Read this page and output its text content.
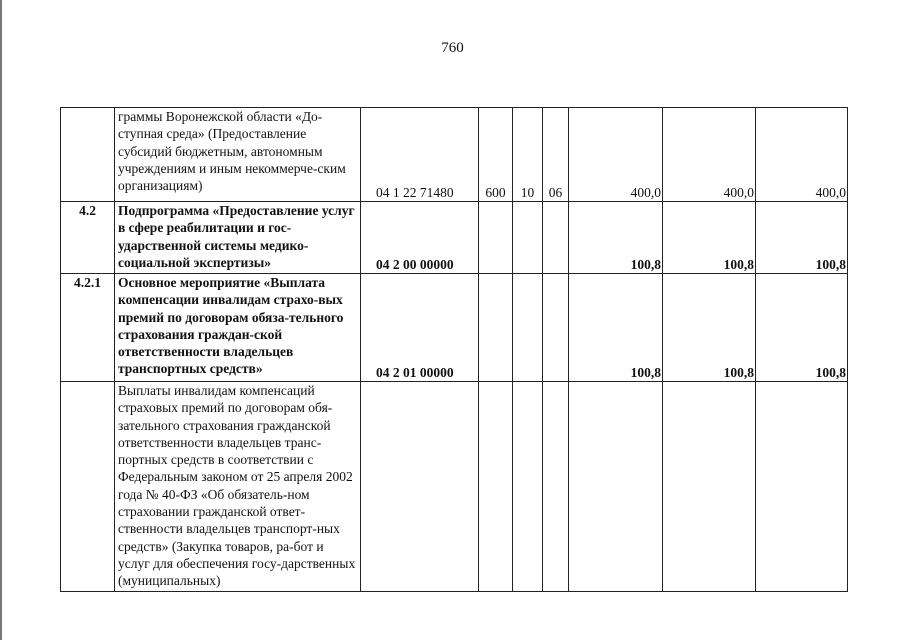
760
	граммы Воронежской области «До-ступная среда» (Предоставление субсидий бюджетным, автономным учреждениям и иным некоммерче-ским организациям)	04 1 22 71480	600	10	06	400,0	400,0	400,0
4.2	Подпрограмма «Предоставление услуг в сфере реабилитации и гос-ударственной системы медико-социальной экспертизы»	04 2 00 00000				100,8	100,8	100,8
4.2.1	Основное мероприятие «Выплата компенсации инвалидам страхо-вых премий по договорам обяза-тельного страхования граждан-ской ответственности владельцев транспортных средств»	04 2 01 00000				100,8	100,8	100,8
	Выплаты инвалидам компенсаций страховых премий по договорам обя-зательного страхования гражданской ответственности владельцев транс-портных средств в соответствии с Федеральным законом от 25 апреля 2002 года № 40-ФЗ «Об обязатель-ном страховании гражданской ответ-ственности владельцев транспорт-ных средств» (Закупка товаров, ра-бот и услуг для обеспечения госу-дарственных (муниципальных)							
